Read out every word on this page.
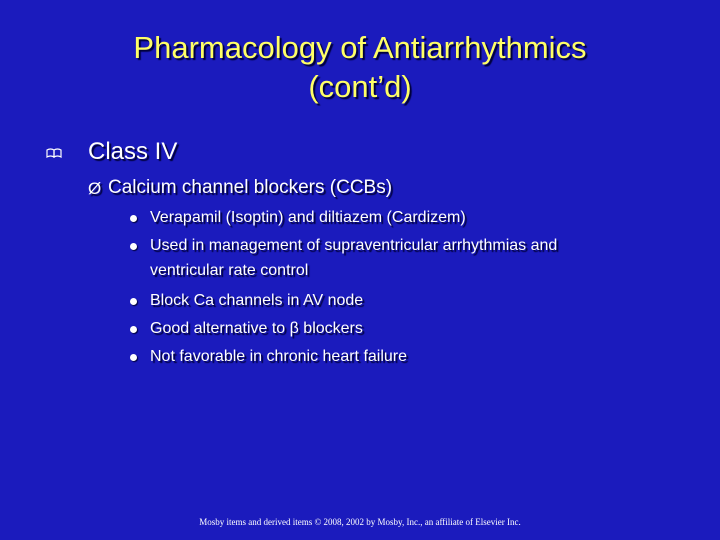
Pharmacology of Antiarrhythmics
(cont’d)
Class IV
Ø Calcium channel blockers (CCBs)
Verapamil (Isoptin) and diltiazem (Cardizem)
Used in management of supraventricular arrhythmias and
ventricular rate control
Block Ca channels in AV node
Good alternative to β blockers
Not favorable in chronic heart failure
Mosby items and derived items © 2008, 2002 by Mosby, Inc., an affiliate of Elsevier Inc.
